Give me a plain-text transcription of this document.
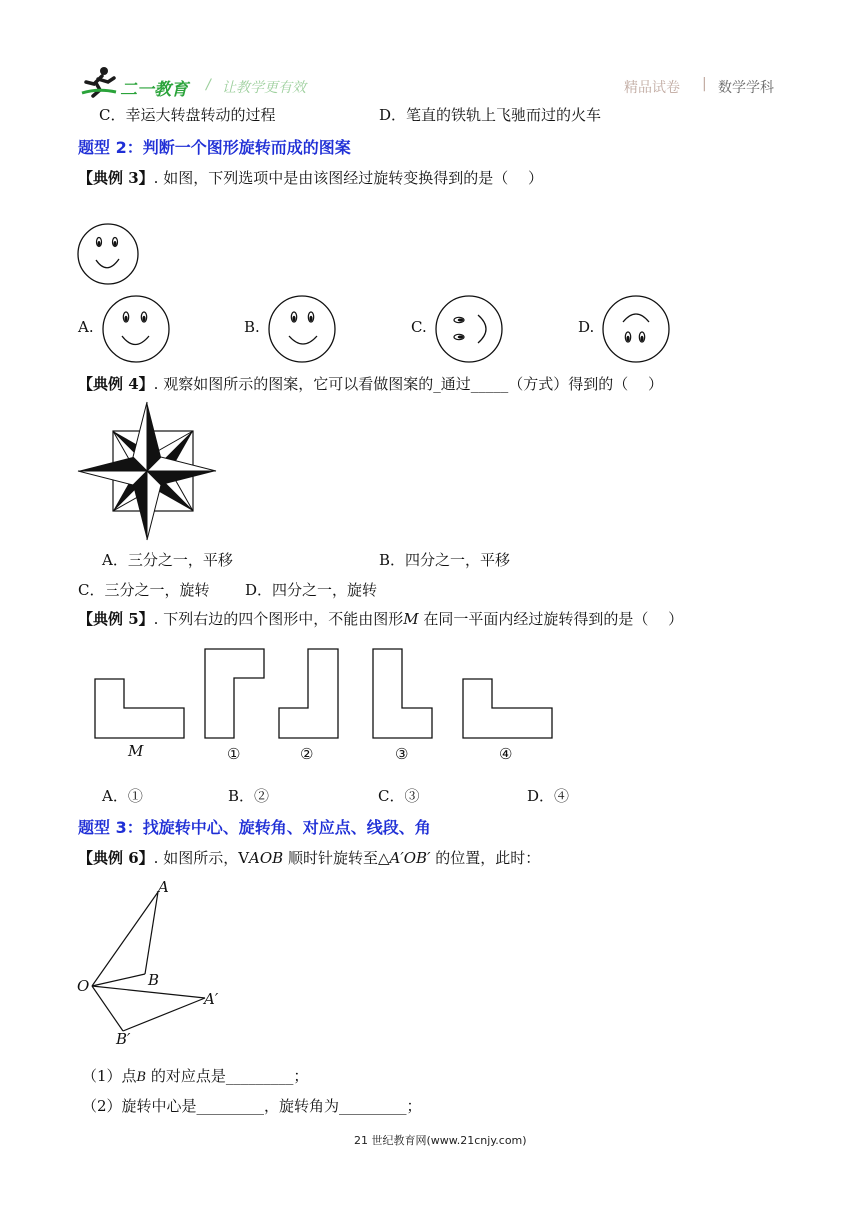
二一教育 / 让教学更有效	精品试卷 | 数学学科
C．幸运大转盘转动的过程	D．笔直的铁轨上飞驰而过的火车
题型 2：判断一个图形旋转而成的图案
【典例 3】. 如图，下列选项中是由该图经过旋转变换得到的是（　 ）
A.	B.	C.	D.
【典例 4】. 观察如图所示的图案，它可以看做图案的_通过_____（方式）得到的（　 ）
A．三分之一，平移	B．四分之一，平移
C．三分之一，旋转 D．四分之一，旋转
【典例 5】. 下列右边的四个图形中，不能由图形M 在同一平面内经过旋转得到的是（　 ）
M	①	②	③	④
A．①	B．②	C．③	D．④
题型 3：找旋转中心、旋转角、对应点、线段、角
【典例 6】. 如图所示，VAOB 顺时针旋转至△A′OB′ 的位置，此时：
A
B
O
A′
B′
（1）点B 的对应点是_________；
（2）旋转中心是_________，旋转角为_________；
21 世纪教育网(www.21cnjy.com)
